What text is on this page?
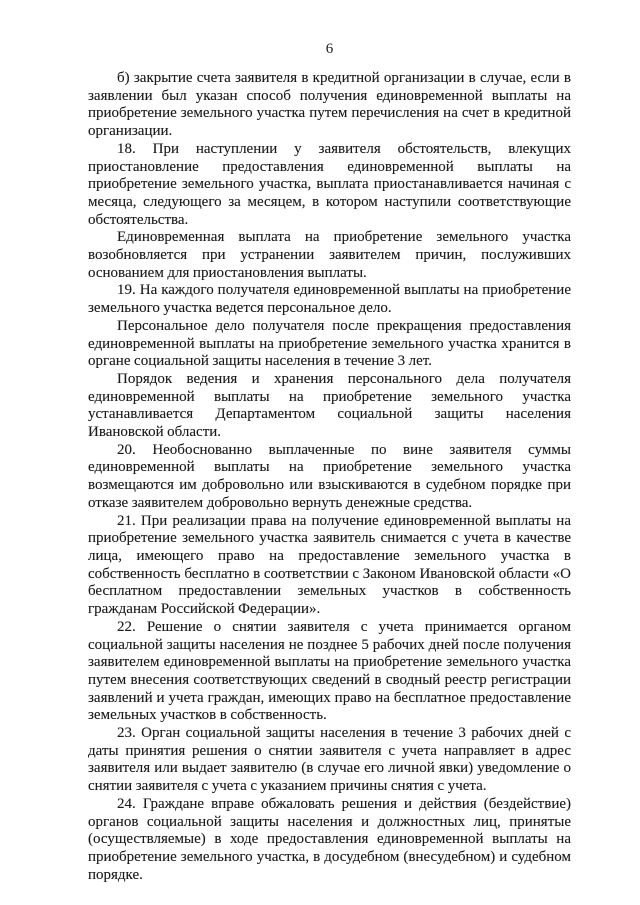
6

б) закрытие счета заявителя в кредитной организации в случае, если в заявлении был указан способ получения единовременной выплаты на приобретение земельного участка путем перечисления на счет в кредитной организации.

18. При наступлении у заявителя обстоятельств, влекущих приостановление предоставления единовременной выплаты на приобретение земельного участка, выплата приостанавливается начиная с месяца, следующего за месяцем, в котором наступили соответствующие обстоятельства.

Единовременная выплата на приобретение земельного участка возобновляется при устранении заявителем причин, послуживших основанием для приостановления выплаты.

19. На каждого получателя единовременной выплаты на приобретение земельного участка ведется персональное дело.

Персональное дело получателя после прекращения предоставления единовременной выплаты на приобретение земельного участка хранится в органе социальной защиты населения в течение 3 лет.

Порядок ведения и хранения персонального дела получателя единовременной выплаты на приобретение земельного участка устанавливается Департаментом социальной защиты населения Ивановской области.

20. Необоснованно выплаченные по вине заявителя суммы единовременной выплаты на приобретение земельного участка возмещаются им добровольно или взыскиваются в судебном порядке при отказе заявителем добровольно вернуть денежные средства.

21. При реализации права на получение единовременной выплаты на приобретение земельного участка заявитель снимается с учета в качестве лица, имеющего право на предоставление земельного участка в собственность бесплатно в соответствии с Законом Ивановской области «О бесплатном предоставлении земельных участков в собственность гражданам Российской Федерации».

22. Решение о снятии заявителя с учета принимается органом социальной защиты населения не позднее 5 рабочих дней после получения заявителем единовременной выплаты на приобретение земельного участка путем внесения соответствующих сведений в сводный реестр регистрации заявлений и учета граждан, имеющих право на бесплатное предоставление земельных участков в собственность.

23. Орган социальной защиты населения в течение 3 рабочих дней с даты принятия решения о снятии заявителя с учета направляет в адрес заявителя или выдает заявителю (в случае его личной явки) уведомление о снятии заявителя с учета с указанием причины снятия с учета.

24. Граждане вправе обжаловать решения и действия (бездействие) органов социальной защиты населения и должностных лиц, принятые (осуществляемые) в ходе предоставления единовременной выплаты на приобретение земельного участка, в досудебном (внесудебном) и судебном порядке.
